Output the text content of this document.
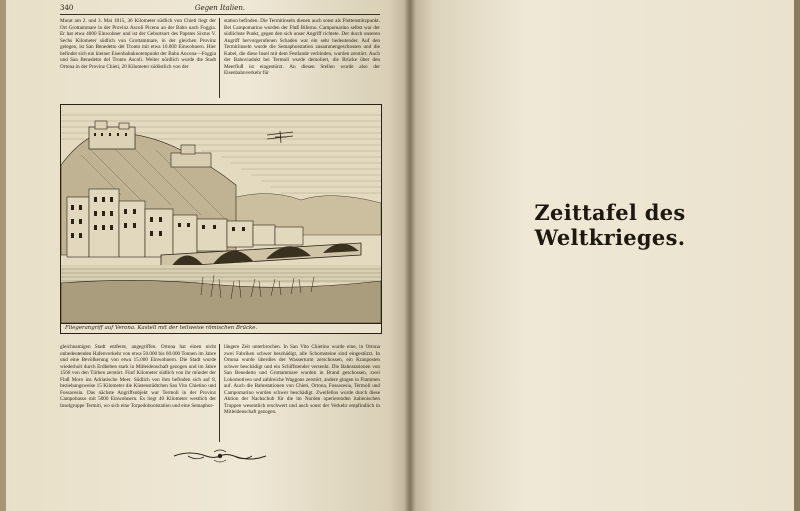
340	Gegen Italien.
Murat am 2. und 3. Mai 1815, 36 Kilometer südlich von Chieti liegt der Ort Grottammare in der Provinz Ascoli Piceno an der Bahn nach Foggia. Er hat etwa 4000 Einwohner und ist der Geburtsort des Papstes Sixtus V. Sechs Kilometer südlich von Grottammare, in der gleichen Provinz gelegen, ist San Benedetto del Tronto mit etwa 10.000 Einwohnern. Hier befindet sich ein kleiner Eisenbahnknotenpunkt der Bahn Ancona—Foggia und San Benedetto del Tronto Ascoli. Weiter nördlich wurde die Stadt Ortona in der Provinz Chieti, 20 Kilometer südöstlich von der
station befinden. Die Termitinseln dienen auch sonst als Flottenstützpunkt. Bei Campomarino wurden der Fluß Biferno. Campomarino selbst war der südlichste Punkt, gegen den sich unser Angriff richtete. Der durch unseren Angriff hervorgerufenen Schaden war ein sehr bedeutender. Auf den Termitiinseln wurde die Semaphorstation zusammengeschossen und die Kabel, die diese Insel mit dem Festlande verbinden, wurden zerstört. Auch der Bahnviadukt bei Termoli wurde demoliert, die Brücke über den Meerfluß ist eingestürzt. An diesen Stellen wurde also der Eisenbahnverkehr für
Fliegerangriff auf Verona. Kastell mit der teilweise römischen Brücke.
gleichnamigen Stadt entfernt, angegriffen. Ortona hat einen nicht unbedeutenden Hafenverkehr von etwa 50.000 bis 60.000 Tonnen im Jahre und eine Bevölkerung von etwa 15.000 Einwohnern. Die Stadt wurde wiederholt durch Erdbeben stark in Mitleidenschaft gezogen und im Jahre 1566 von den Türken zerstört. Fünf Kilometer südlich von ihr mündet der Fluß Moro ins Adriatische Meer. Südlich von ihm befinden sich auf 8, beziehungsweise 15 Kilometer die Küstenstädtchen San Vito Chietino und Fossacesia. Das nächste Angriffsobjekt war Termoli in der Provinz Campobasso mit 5000 Einwohnern. Es liegt 40 Kilometer westlich der Inselgruppe Termiti, wo sich eine Torpedobootstation und eine Semaphor-
längere Zeit unterbrochen. In San Vito Chietino wurde eine, in Ortona zwei Fabriken schwer beschädigt, alle Schornsteine sind eingestürzt. In Ortona wurde überdies der Wasserturm zerschossen, ein Kranposten schwer beschädigt und ein Schiffstender versenkt. Die Bahnstationen von San Benedetto und Grottammare wurden in Brand geschossen, zwei Lokomotiven und zahlreiche Waggons zerstört, andere gingen in Flammen auf. Auch die Bahnstationen von Chieti, Ortona, Fossacesia, Termoli und Campomarino wurden schwer beschädigt. Zweifellos wurde durch diese Aktion der Nachschub für die im Norden operierenden italienischen Truppen wesentlich erschwert und auch sonst der Verkehr empfindlich in Mitleidenschaft gezogen.
Zeittafel des Weltkrieges.
